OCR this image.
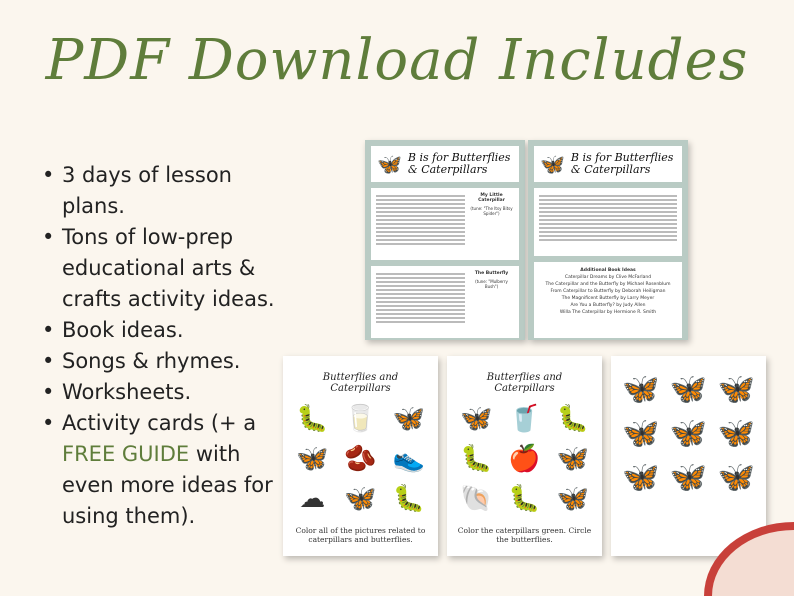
PDF Download Includes
• 3 days of lesson plans.
• Tons of low-prep educational arts & crafts activity ideas.
• Book ideas.
• Songs & rhymes.
• Worksheets.
• Activity cards (+ a FREE GUIDE with even more ideas for using them).
🦋 B is for Butterflies & Caterpillars
My Little Caterpillar
(tune: "The Itsy Bitsy Spider")
The Butterfly
(tune: "Mulberry Bush")
🦋 B is for Butterflies & Caterpillars
Additional Book Ideas
Caterpillar Dreams by Clive McFarland
The Caterpillar and the Butterfly by Michael Rosenblum
From Caterpillar to Butterfly by Deborah Heiligman
The Magnificent Butterfly by Larry Meyer
Are You a Butterfly? by Judy Allen
Willa The Caterpillar by Hermione R. Smith
Butterflies and Caterpillars
🐛 🥛 🦋
🦋 🫘 👟
☁ 🦋 🐛
Color all of the pictures related to caterpillars and butterflies.
Butterflies and Caterpillars
🦋 🥤 🐛
🐛 🍎 🦋
🐚 🐛 🦋
Color the caterpillars green. Circle the butterflies.
🦋 🦋 🦋
🦋 🦋 🦋
🦋 🦋 🦋
